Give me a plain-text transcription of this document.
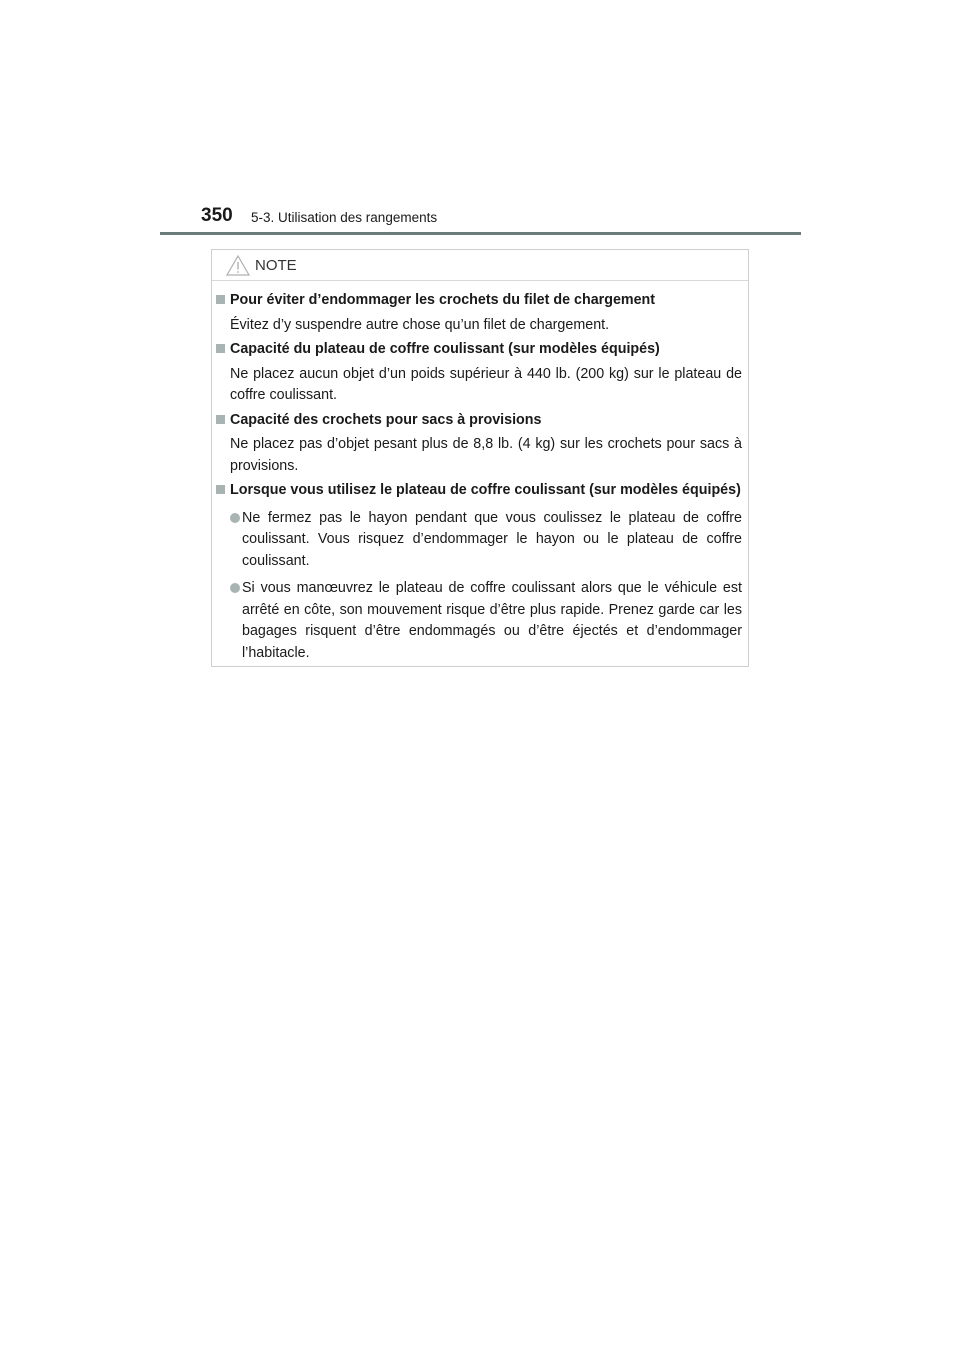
350 5-3. Utilisation des rangements
NOTE
Pour éviter d’endommager les crochets du filet de chargement
Évitez d’y suspendre autre chose qu’un filet de chargement.
Capacité du plateau de coffre coulissant (sur modèles équipés)
Ne placez aucun objet d’un poids supérieur à 440 lb. (200 kg) sur le plateau de coffre coulissant.
Capacité des crochets pour sacs à provisions
Ne placez pas d’objet pesant plus de 8,8 lb. (4 kg) sur les crochets pour sacs à provisions.
Lorsque vous utilisez le plateau de coffre coulissant (sur modèles équipés)
Ne fermez pas le hayon pendant que vous coulissez le plateau de coffre coulissant. Vous risquez d’endommager le hayon ou le plateau de coffre coulissant.
Si vous manœuvrez le plateau de coffre coulissant alors que le véhicule est arrêté en côte, son mouvement risque d’être plus rapide. Prenez garde car les bagages risquent d’être endommagés ou d’être éjectés et d’endommager l’habitacle.
